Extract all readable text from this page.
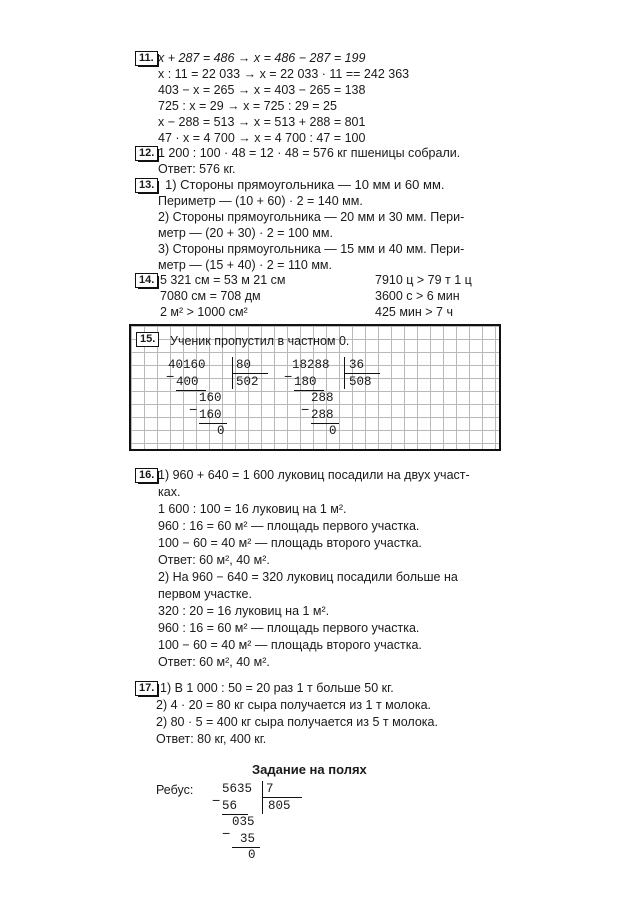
11. x + 287 = 486 → x = 486 − 287 = 199
x : 11 = 22 033 → x = 22 033 · 11 == 242 363
403 − x = 265 → x = 403 − 265 = 138
725 : x = 29 → x = 725 : 29 = 25
x − 288 = 513 → x = 513 + 288 = 801
47 · x = 4 700 → x = 4 700 : 47 = 100
12. 1 200 : 100 · 48 = 12 · 48 = 576 кг пшеницы собрали.
Ответ: 576 кг.
13. 1) Стороны прямоугольника — 10 мм и 60 мм.
Периметр — (10 + 60) · 2 = 140 мм.
2) Стороны прямоугольника — 20 мм и 30 мм. Пери-
метр — (20 + 30) · 2 = 100 мм.
3) Стороны прямоугольника — 15 мм и 40 мм. Пери-
метр — (15 + 40) · 2 = 110 мм.
14. 5 321 см = 53 м 21 см
7080 см = 708 дм
2 м² > 1000 см²
7910 ц > 79 т 1 ц
3600 с > 6 мин
425 мин > 7 ч
15.	Ученик пропустил в частном 0.
40160 80
502
− 400
160
− 160
0
18288 36
508
− 180
288
− 288
0
16. 1) 960 + 640 = 1 600 луковиц посадили на двух участ-
ках.
1 600 : 100 = 16 луковиц на 1 м².
960 : 16 = 60 м² — площадь первого участка.
100 − 60 = 40 м² — площадь второго участка.
Ответ: 60 м², 40 м².
2) На 960 − 640 = 320 луковиц посадили больше на
первом участке.
320 : 20 = 16 луковиц на 1 м².
960 : 16 = 60 м² — площадь первого участка.
100 − 60 = 40 м² — площадь второго участка.
Ответ: 60 м², 40 м².
17. 1) В 1 000 : 50 = 20 раз 1 т больше 50 кг.
2) 4 · 20 = 80 кг сыра получается из 1 т молока.
2) 80 · 5 = 400 кг сыра получается из 5 т молока.
Ответ: 80 кг, 400 кг.
Задание на полях
Ребус: 5635 7
805
− 56
035
− 35
0
